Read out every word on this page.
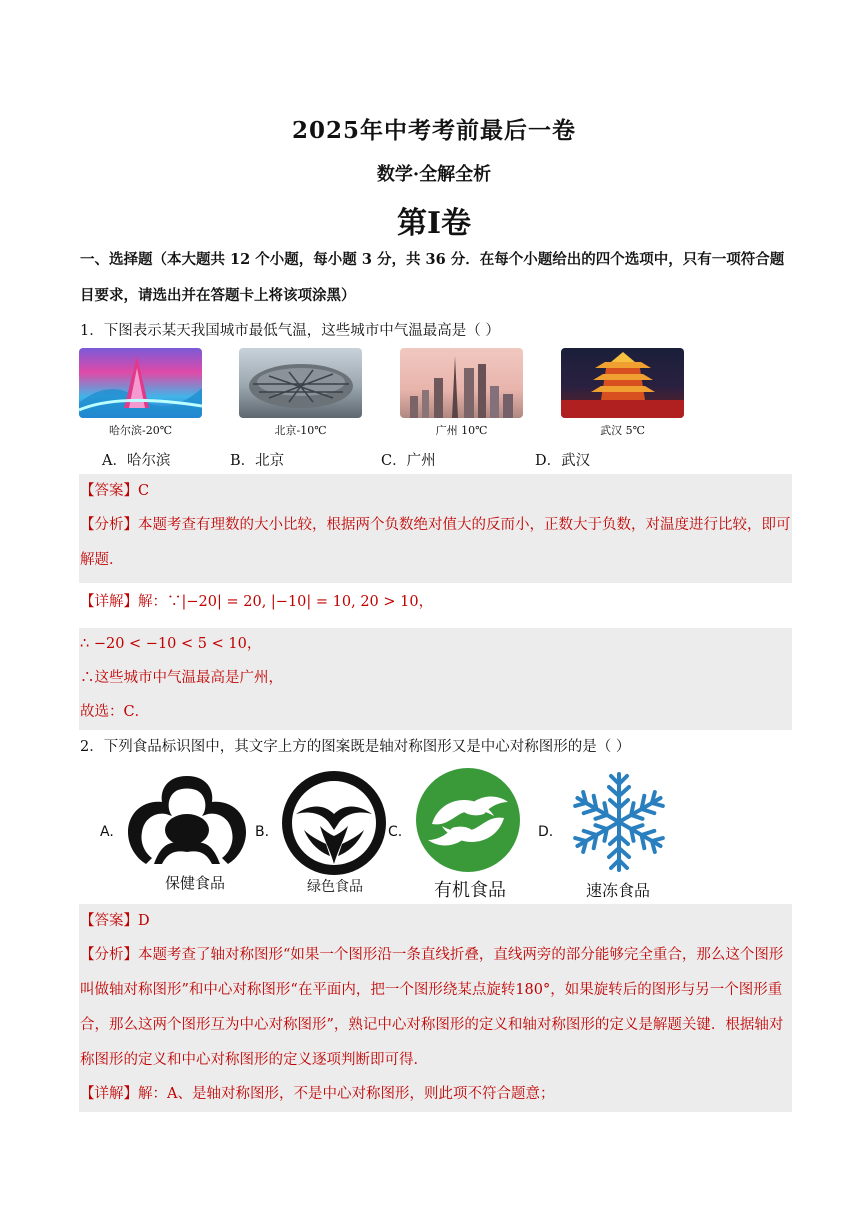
2025年中考考前最后一卷
数学·全解全析
第I卷
一、选择题（本大题共 12 个小题，每小题 3 分，共 36 分．在每个小题给出的四个选项中，只有一项符合题目要求，请选出并在答题卡上将该项涂黑）
1．下图表示某天我国城市最低气温，这些城市中气温最高是（ ）
哈尔滨-20℃	北京-10℃	广州 10℃	武汉 5℃
A．哈尔滨	B．北京	C．广州	D．武汉
【答案】C
【分析】本题考查有理数的大小比较，根据两个负数绝对值大的反而小，正数大于负数，对温度进行比较，即可解题．
【详解】解：∵|−20| = 20, |−10| = 10, 20 > 10，
∴ −20 < −10 < 5 < 10，
∴这些城市中气温最高是广州，
故选：C．
2．下列食品标识图中，其文字上方的图案既是轴对称图形又是中心对称图形的是（ ）
A.	B.	C.	D.
保健食品	绿色食品	有机食品	速冻食品
【答案】D
【分析】本题考查了轴对称图形“如果一个图形沿一条直线折叠，直线两旁的部分能够完全重合，那么这个图形叫做轴对称图形”和中心对称图形“在平面内，把一个图形绕某点旋转180°，如果旋转后的图形与另一个图形重合，那么这两个图形互为中心对称图形”，熟记中心对称图形的定义和轴对称图形的定义是解题关键．根据轴对称图形的定义和中心对称图形的定义逐项判断即可得．
【详解】解：A、是轴对称图形，不是中心对称图形，则此项不符合题意；
